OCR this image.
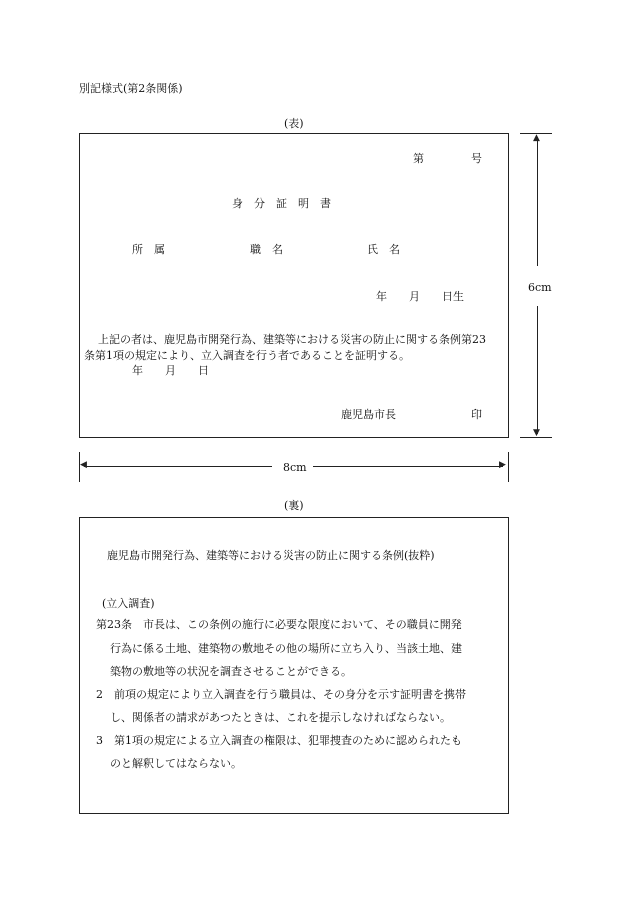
別記様式(第2条関係)
(表)
第	号
身　分　証　明　書
所　属	職　名	氏　名
年　　月　　日生
上記の者は、鹿児島市開発行為、建築等における災害の防止に関する条例第23
条第1項の規定により、立入調査を行う者であることを証明する。
年　　月　　日
鹿児島市長	印
▲
▼
6cm
◀	▶
8cm
(裏)
鹿児島市開発行為、建築等における災害の防止に関する条例(抜粋)
(立入調査)
第23条　市長は、この条例の施行に必要な限度において、その職員に開発
行為に係る土地、建築物の敷地その他の場所に立ち入り、当該土地、建
築物の敷地等の状況を調査させることができる。
2　前項の規定により立入調査を行う職員は、その身分を示す証明書を携帯
し、関係者の請求があつたときは、これを提示しなければならない。
3　第1項の規定による立入調査の権限は、犯罪捜査のために認められたも
のと解釈してはならない。
